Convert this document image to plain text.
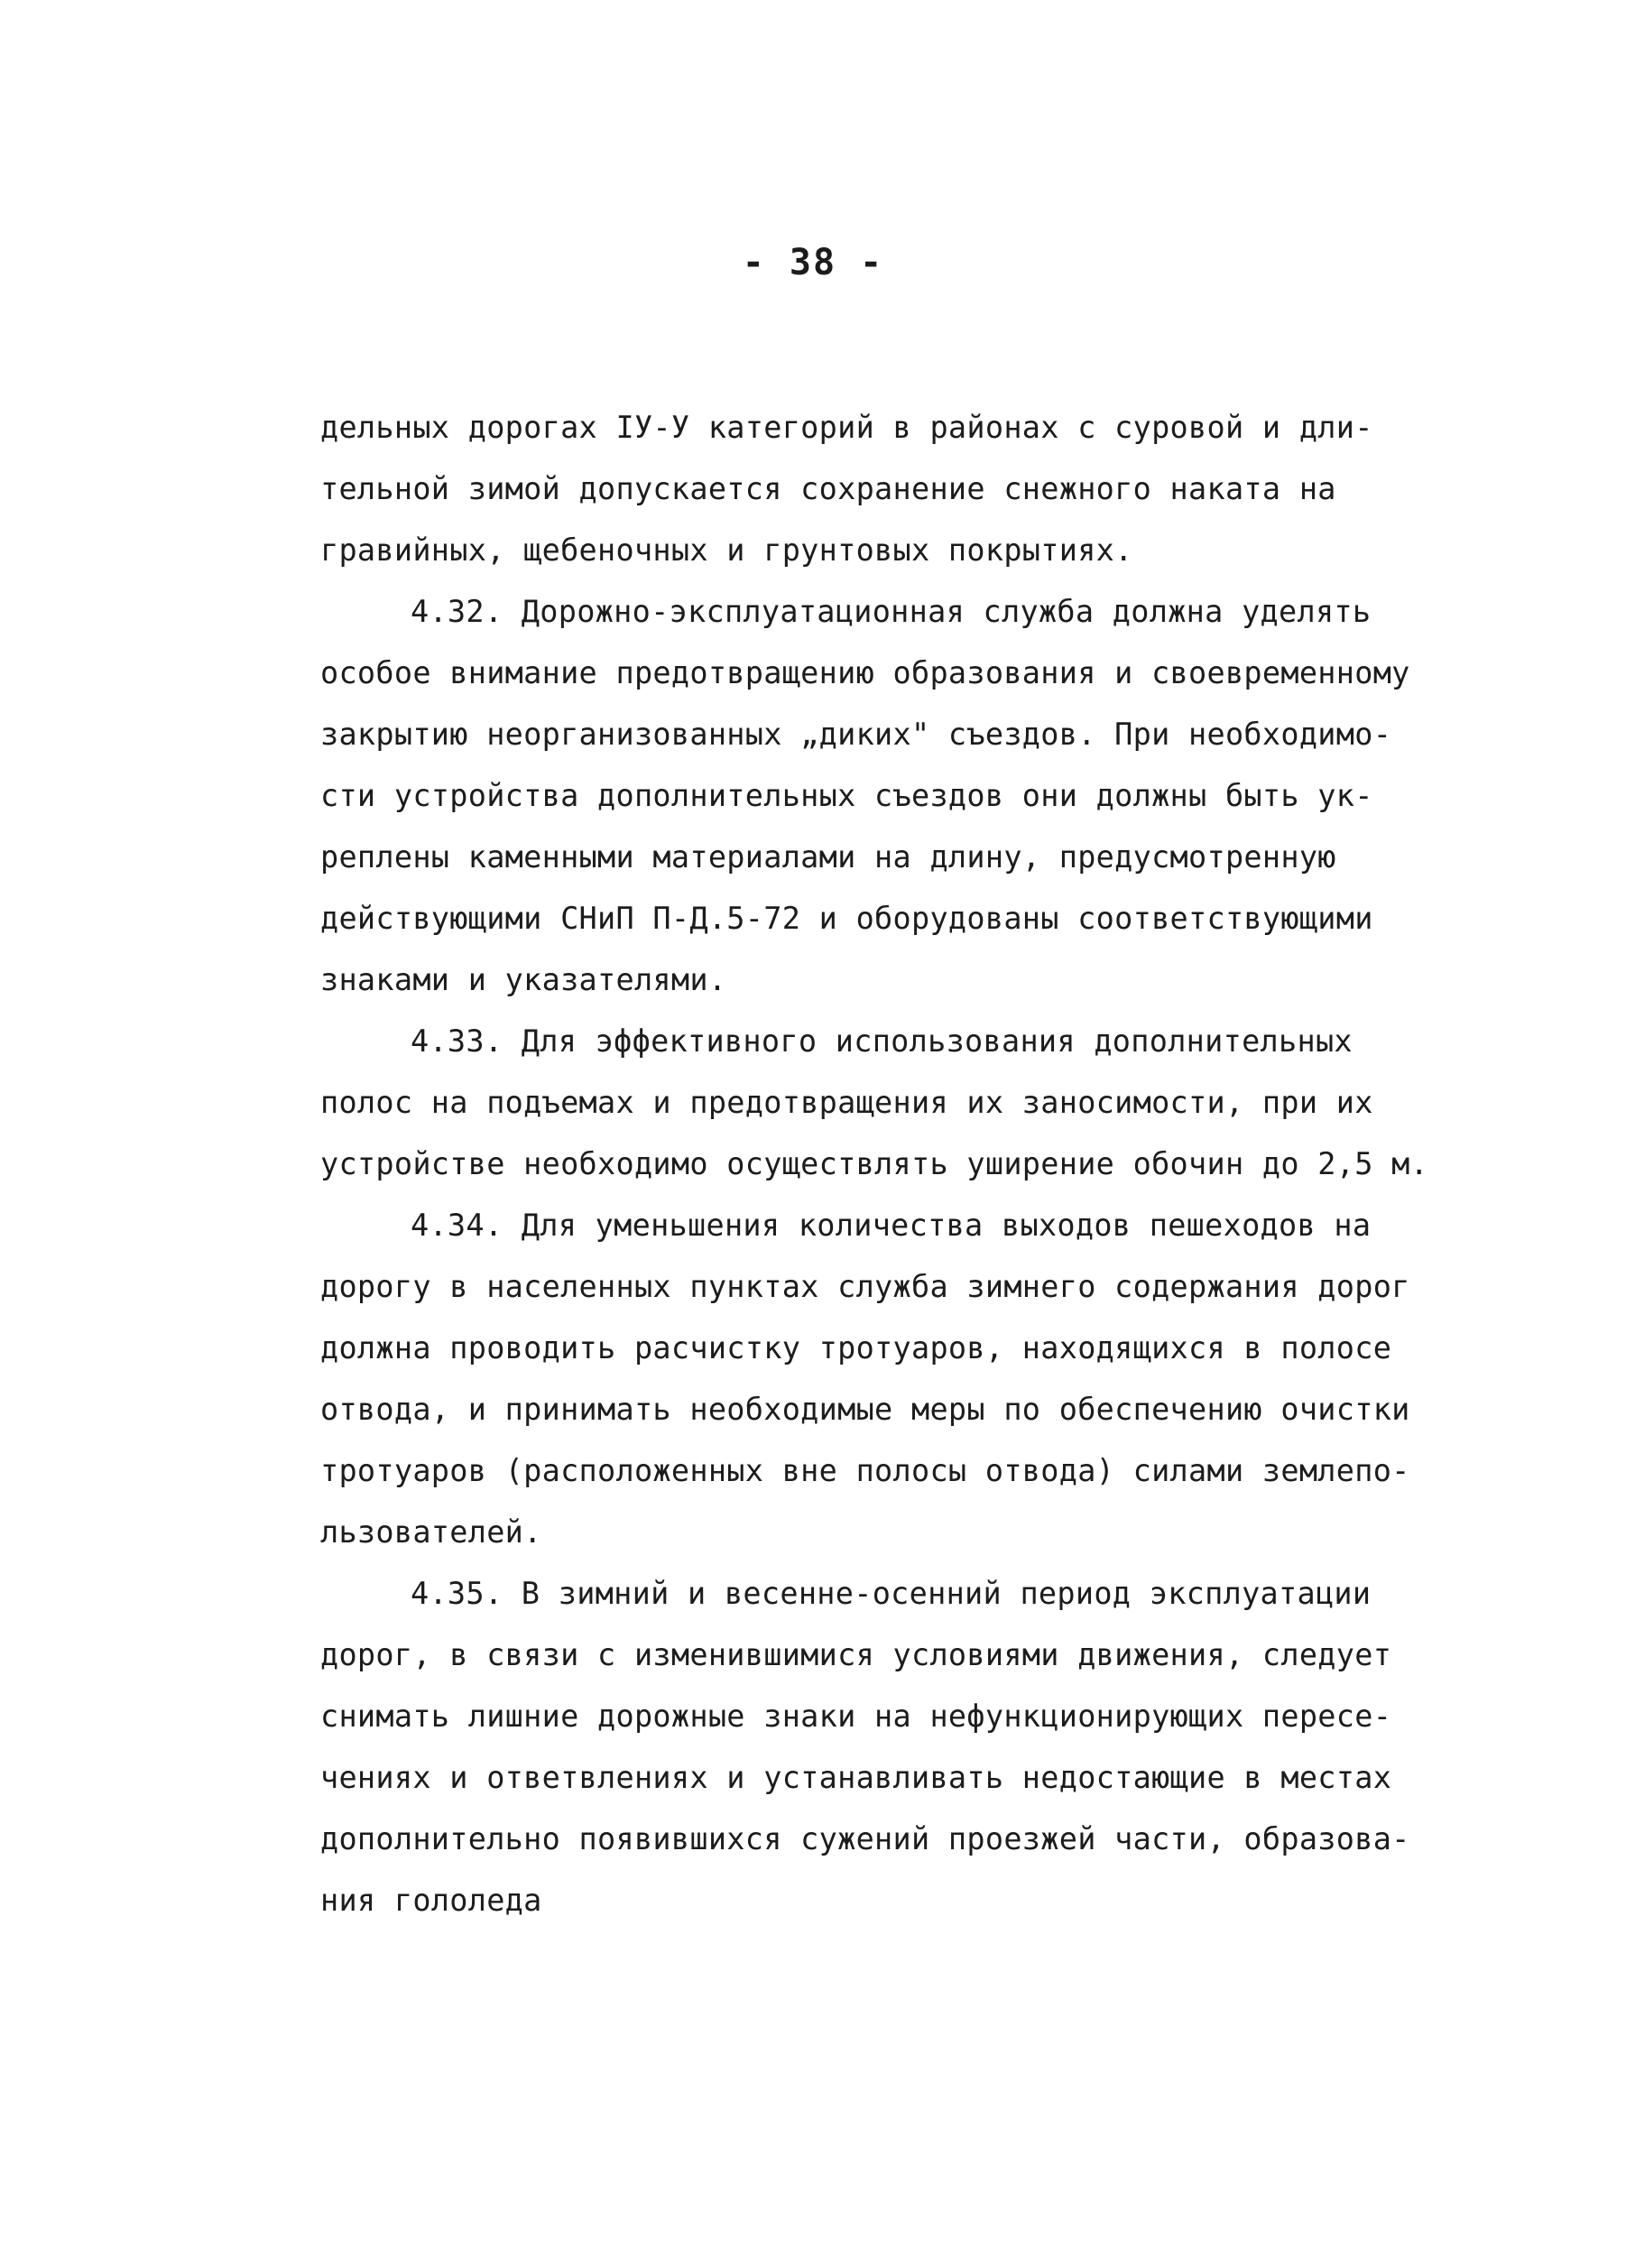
- 38 -
дельных дорогах IУ-У категорий в районах с суровой и дли-
тельной зимой допускается сохранение снежного наката на
гравийных, щебеночных и грунтовых покрытиях.
4.32. Дорожно-эксплуатационная служба должна уделять
особое внимание предотвращению образования и своевременному
закрытию неорганизованных „диких" съездов. При необходимо-
сти устройства дополнительных съездов они должны быть ук-
реплены каменными материалами на длину, предусмотренную
действующими СНиП П-Д.5-72 и оборудованы соответствующими
знаками и указателями.
4.33. Для эффективного использования дополнительных
полос на подъемах и предотвращения их заносимости, при их
устройстве необходимо осуществлять уширение обочин до 2,5 м.
4.34. Для уменьшения количества выходов пешеходов на
дорогу в населенных пунктах служба зимнего содержания дорог
должна проводить расчистку тротуаров, находящихся в полосе
отвода, и принимать необходимые меры по обеспечению очистки
тротуаров (расположенных вне полосы отвода) силами землепо-
льзователей.
4.35. В зимний и весенне-осенний период эксплуатации
дорог, в связи с изменившимися условиями движения, следует
снимать лишние дорожные знаки на нефункционирующих пересе-
чениях и ответвлениях и устанавливать недостающие в местах
дополнительно появившихся сужений проезжей части, образова-
ния гололеда
